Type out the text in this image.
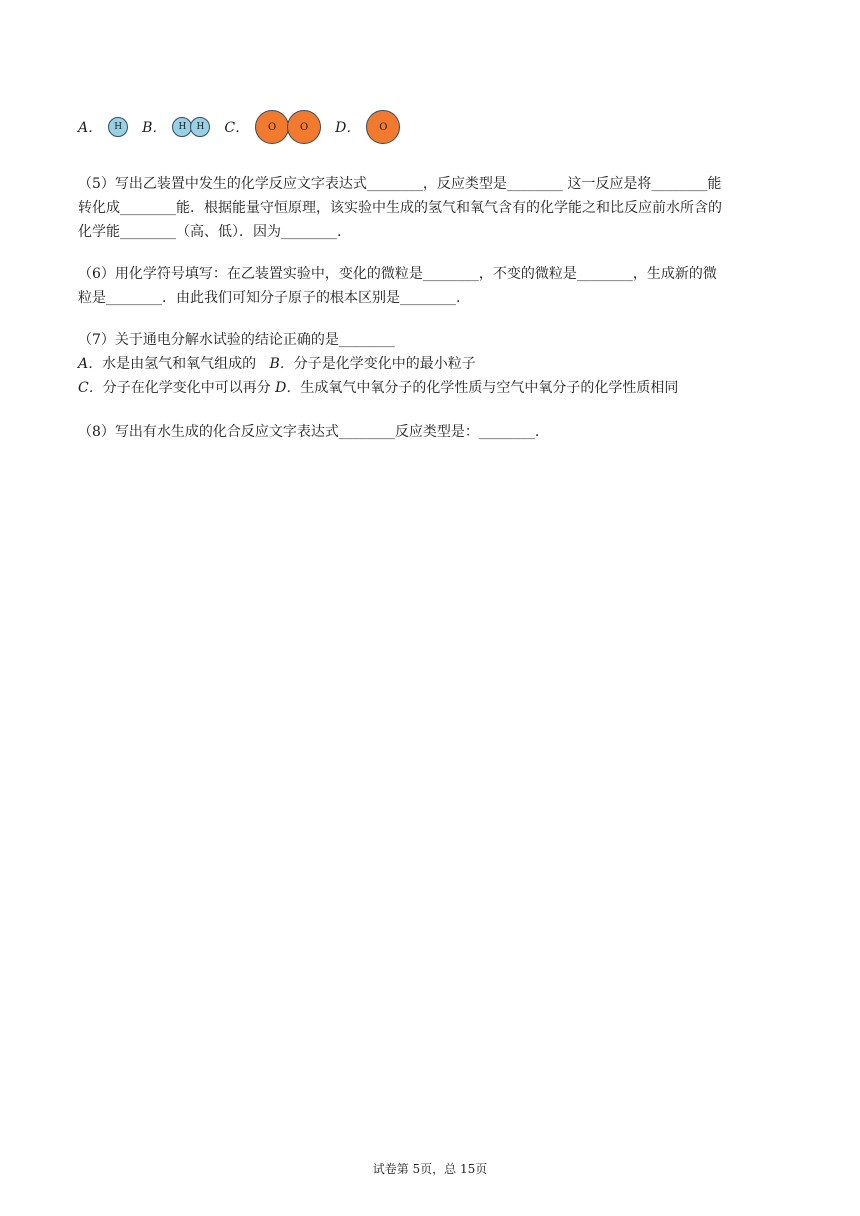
A．	H	B．	H	H	C．	O	O	D．	O

（5）写出乙装置中发生的化学反应文字表达式________，反应类型是________ 这一反应是将________能

转化成________能．根据能量守恒原理，该实验中生成的氢气和氧气含有的化学能之和比反应前水所含的

化学能________（高、低）．因为________.

（6）用化学符号填写：在乙装置实验中，变化的微粒是________，不变的微粒是________，生成新的微

粒是________．由此我们可知分子原子的根本区别是________.

（7）关于通电分解水试验的结论正确的是________

A．水是由氢气和氧气组成的   B．分子是化学变化中的最小粒子

C．分子在化学变化中可以再分 D．生成氧气中氧分子的化学性质与空气中氧分子的化学性质相同

（8）写出有水生成的化合反应文字表达式________反应类型是：________.

试卷第 5页，总 15页
